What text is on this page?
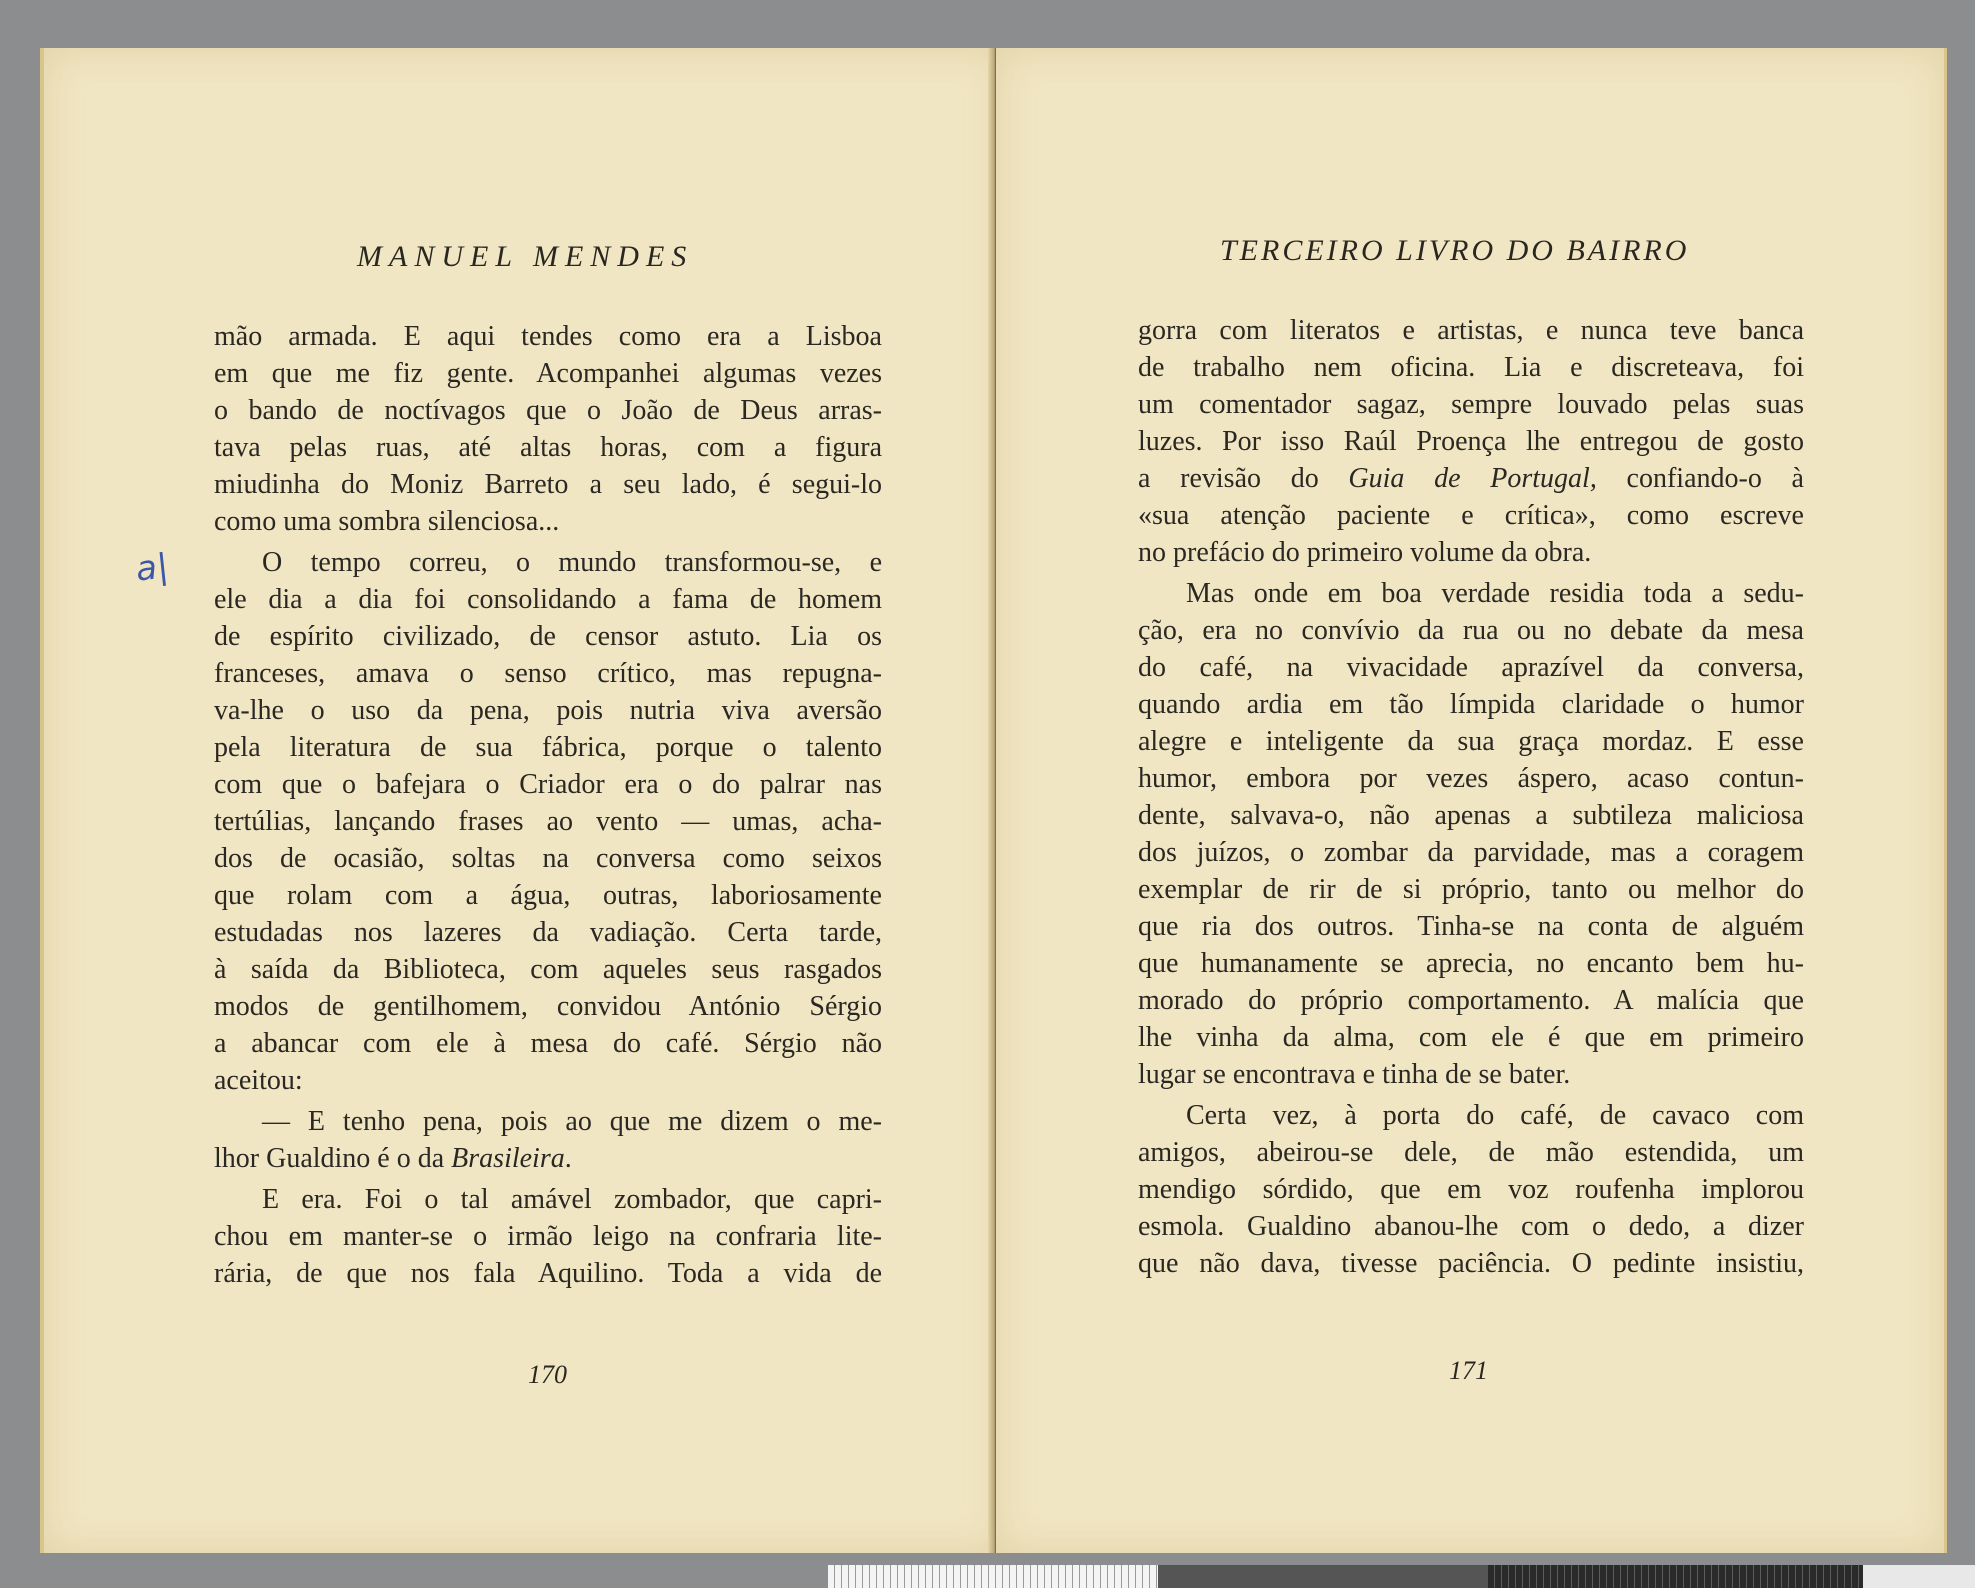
MANUEL MENDES
a|
mão armada. E aqui tendes como era a Lisboa
em que me fiz gente. Acompanhei algumas vezes
o bando de noctívagos que o João de Deus arras-
tava pelas ruas, até altas horas, com a figura
miudinha do Moniz Barreto a seu lado, é segui-lo
como uma sombra silenciosa...
O tempo correu, o mundo transformou-se, e
ele dia a dia foi consolidando a fama de homem
de espírito civilizado, de censor astuto. Lia os
franceses, amava o senso crítico, mas repugna-
va-lhe o uso da pena, pois nutria viva aversão
pela literatura de sua fábrica, porque o talento
com que o bafejara o Criador era o do palrar nas
tertúlias, lançando frases ao vento — umas, acha-
dos de ocasião, soltas na conversa como seixos
que rolam com a água, outras, laboriosamente
estudadas nos lazeres da vadiação. Certa tarde,
à saída da Biblioteca, com aqueles seus rasgados
modos de gentilhomem, convidou António Sérgio
a abancar com ele à mesa do café. Sérgio não
aceitou:
— E tenho pena, pois ao que me dizem o me-
lhor Gualdino é o da Brasileira.
E era. Foi o tal amável zombador, que capri-
chou em manter-se o irmão leigo na confraria lite-
rária, de que nos fala Aquilino. Toda a vida de
170
TERCEIRO LIVRO DO BAIRRO
gorra com literatos e artistas, e nunca teve banca
de trabalho nem oficina. Lia e discreteava, foi
um comentador sagaz, sempre louvado pelas suas
luzes. Por isso Raúl Proença lhe entregou de gosto
a revisão do Guia de Portugal, confiando-o à
«sua atenção paciente e crítica», como escreve
no prefácio do primeiro volume da obra.
Mas onde em boa verdade residia toda a sedu-
ção, era no convívio da rua ou no debate da mesa
do café, na vivacidade aprazível da conversa,
quando ardia em tão límpida claridade o humor
alegre e inteligente da sua graça mordaz. E esse
humor, embora por vezes áspero, acaso contun-
dente, salvava-o, não apenas a subtileza maliciosa
dos juízos, o zombar da parvidade, mas a coragem
exemplar de rir de si próprio, tanto ou melhor do
que ria dos outros. Tinha-se na conta de alguém
que humanamente se aprecia, no encanto bem hu-
morado do próprio comportamento. A malícia que
lhe vinha da alma, com ele é que em primeiro
lugar se encontrava e tinha de se bater.
Certa vez, à porta do café, de cavaco com
amigos, abeirou-se dele, de mão estendida, um
mendigo sórdido, que em voz roufenha implorou
esmola. Gualdino abanou-lhe com o dedo, a dizer
que não dava, tivesse paciência. O pedinte insistiu,
171
